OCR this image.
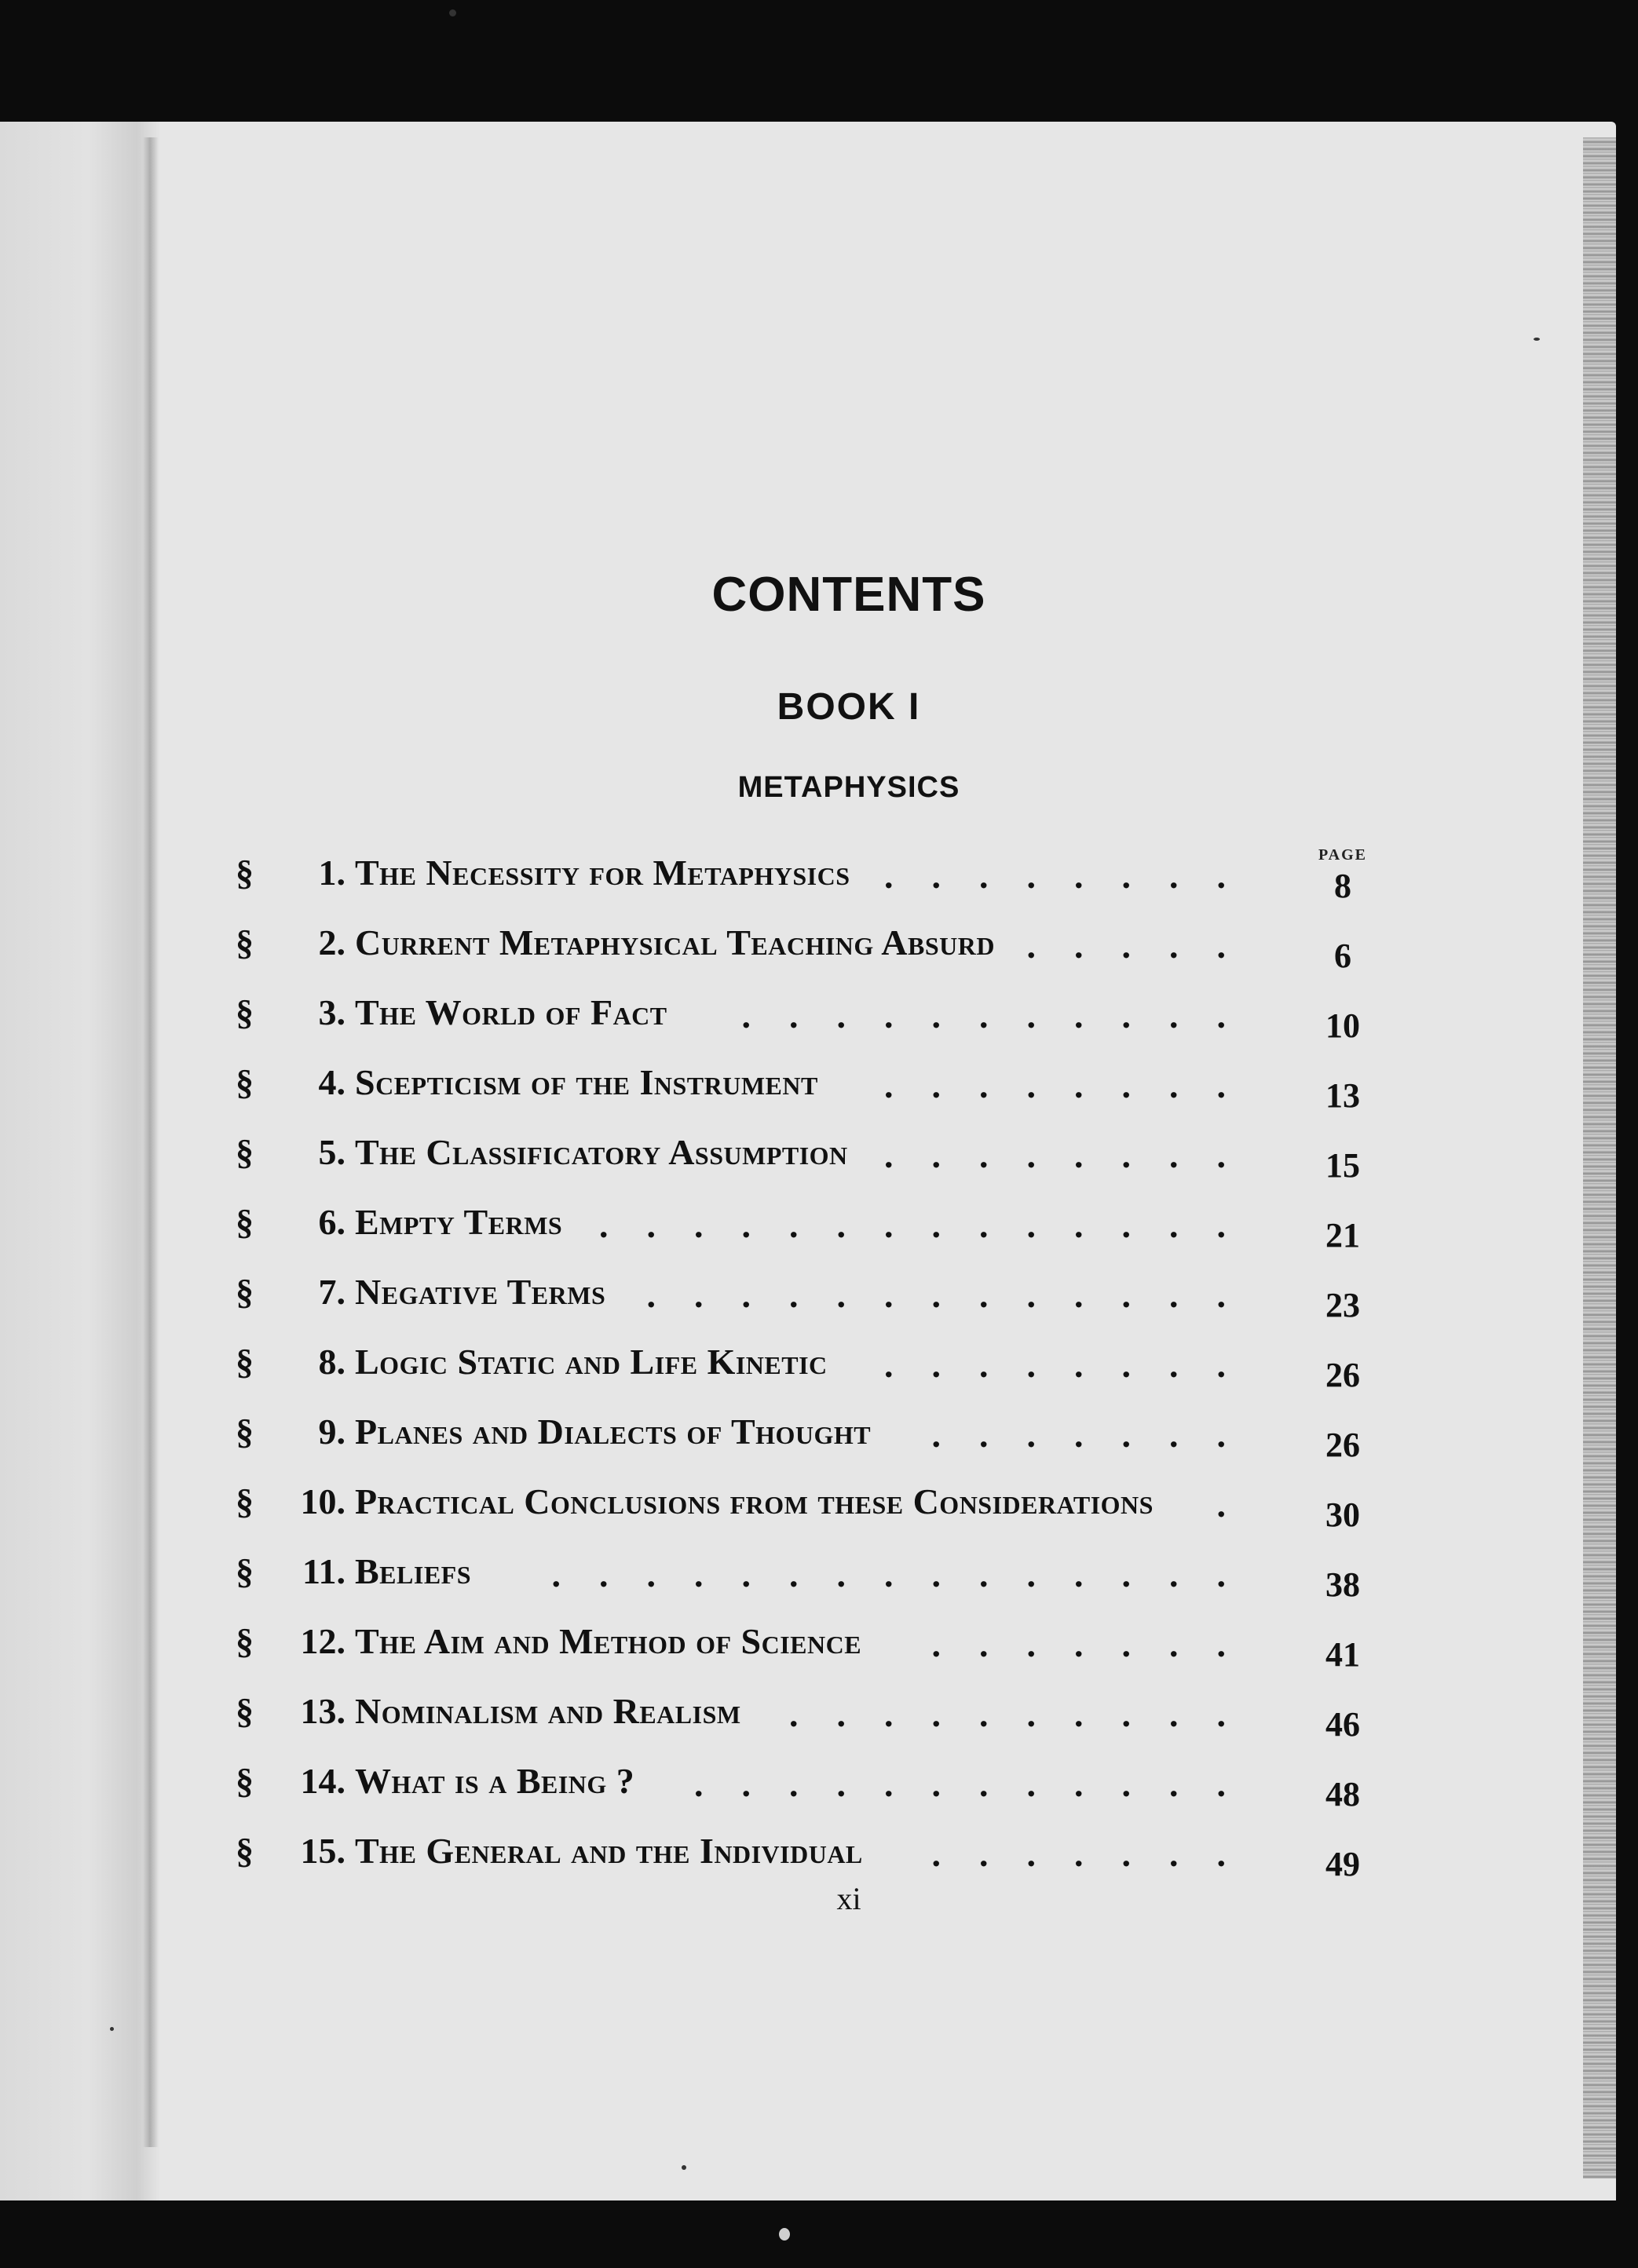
CONTENTS
BOOK I
METAPHYSICS
PAGE
§ 1. The Necessity for Metaphysics ........	8
§ 2. Current Metaphysical Teaching Absurd .....	6
§ 3. The World of Fact ...........	10
§ 4. Scepticism of the Instrument ........	13
§ 5. The Classificatory Assumption ........	15
§ 6. Empty Terms ..............	21
§ 7. Negative Terms .............	23
§ 8. Logic Static and Life Kinetic ........	26
§ 9. Planes and Dialects of Thought .......	26
§ 10. Practical Conclusions from these Considerations .	30
§ 11. Beliefs ...............	38
§ 12. The Aim and Method of Science .......	41
§ 13. Nominalism and Realism ..........	46
§ 14. What is a Being ? ............	48
§ 15. The General and the Individual .......	49
xi
